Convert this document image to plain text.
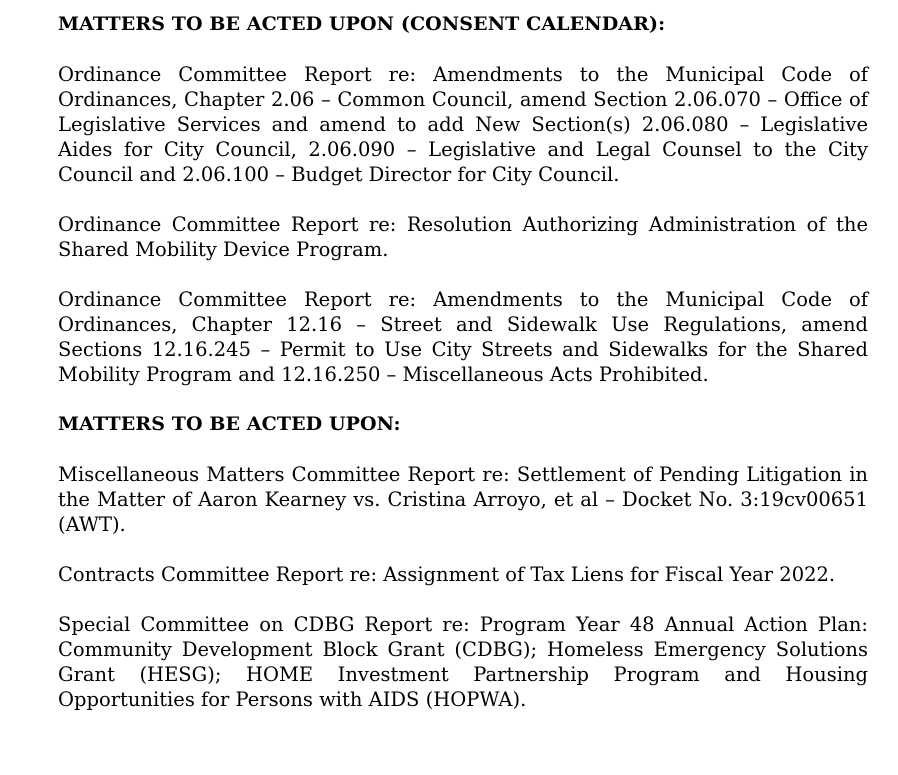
MATTERS TO BE ACTED UPON (CONSENT CALENDAR):

Ordinance Committee Report re: Amendments to the Municipal Code of Ordinances, Chapter 2.06 – Common Council, amend Section 2.06.070 – Office of Legislative Services and amend to add New Section(s) 2.06.080 – Legislative Aides for City Council, 2.06.090 – Legislative and Legal Counsel to the City Council and 2.06.100 – Budget Director for City Council.

Ordinance Committee Report re: Resolution Authorizing Administration of the Shared Mobility Device Program.

Ordinance Committee Report re: Amendments to the Municipal Code of Ordinances, Chapter 12.16 – Street and Sidewalk Use Regulations, amend Sections 12.16.245 – Permit to Use City Streets and Sidewalks for the Shared Mobility Program and 12.16.250 – Miscellaneous Acts Prohibited.

MATTERS TO BE ACTED UPON:

Miscellaneous Matters Committee Report re: Settlement of Pending Litigation in the Matter of Aaron Kearney vs. Cristina Arroyo, et al – Docket No. 3:19cv00651 (AWT).

Contracts Committee Report re: Assignment of Tax Liens for Fiscal Year 2022.

Special Committee on CDBG Report re: Program Year 48 Annual Action Plan: Community Development Block Grant (CDBG); Homeless Emergency Solutions Grant (HESG); HOME Investment Partnership Program and Housing Opportunities for Persons with AIDS (HOPWA).
